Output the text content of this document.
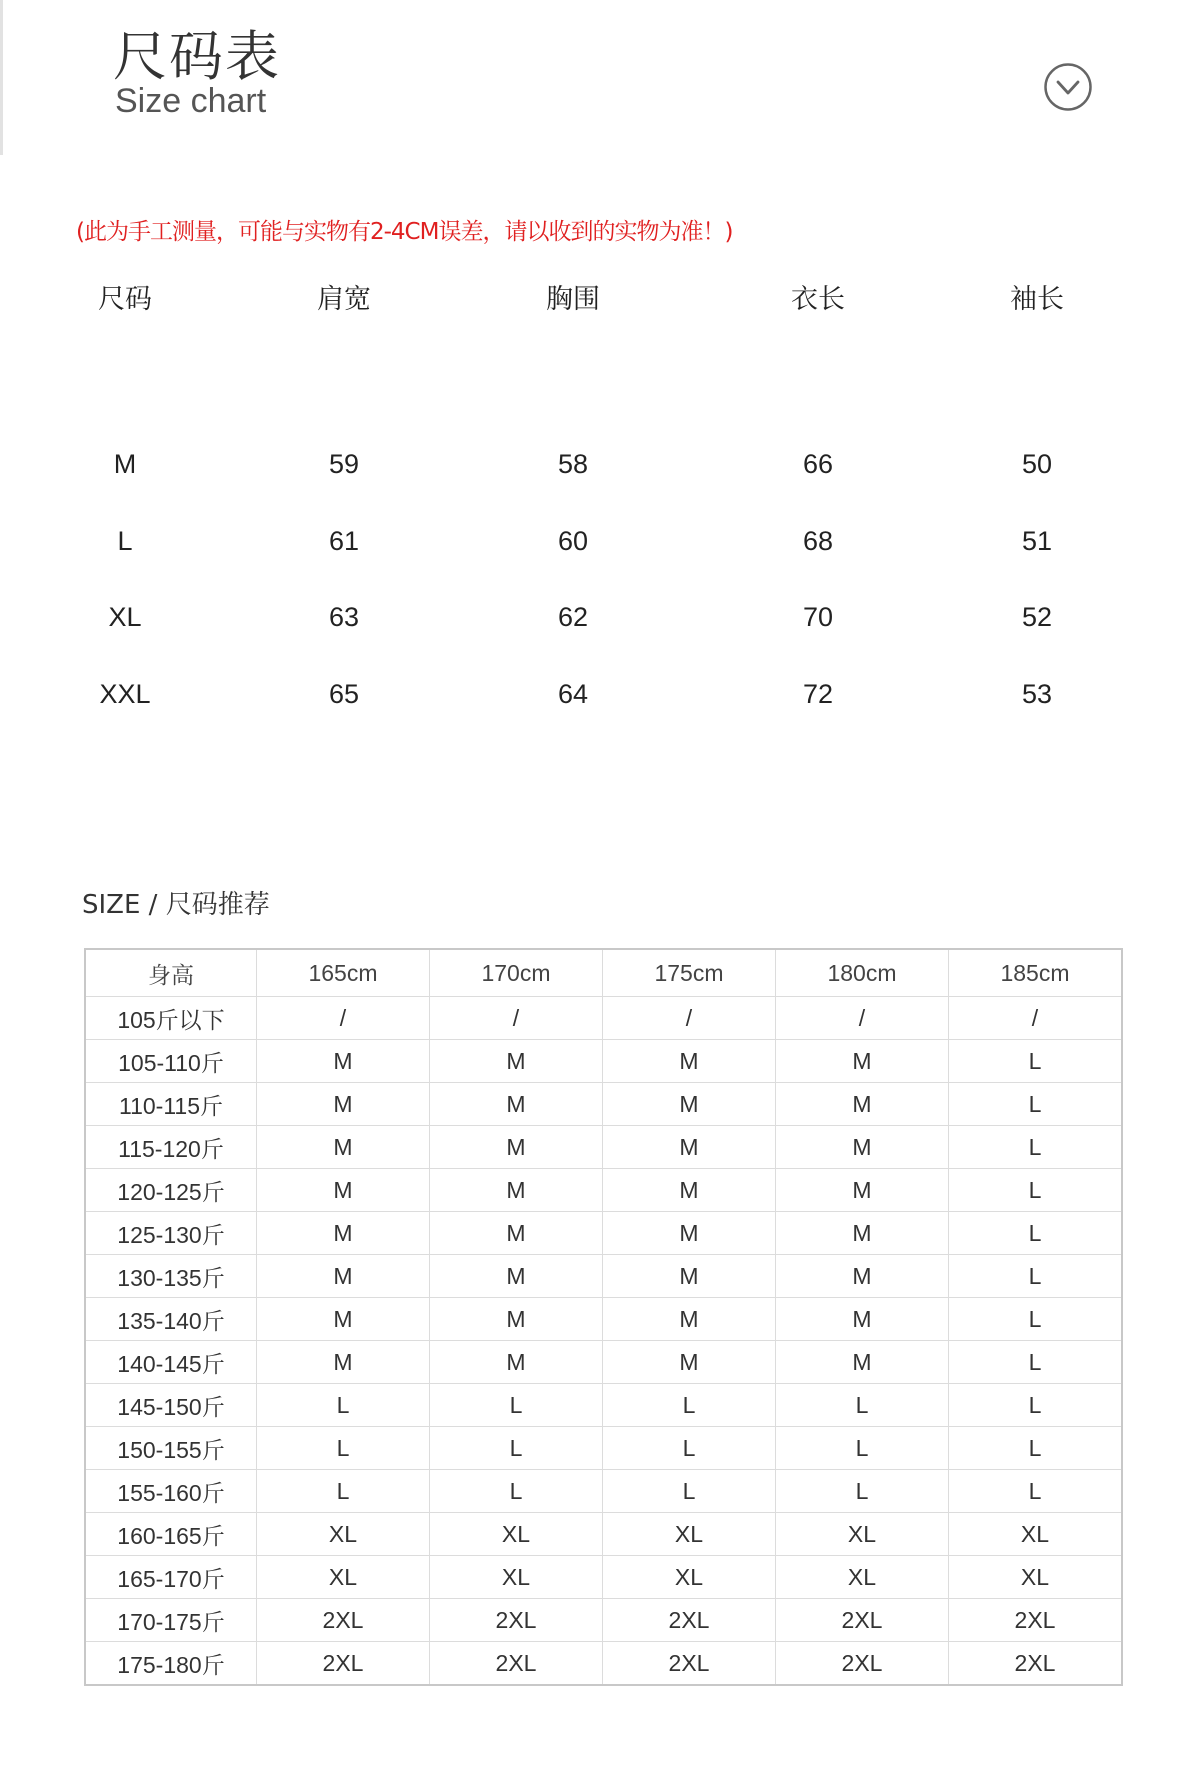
尺码表
Size chart
(此为手工测量，可能与实物有2-4CM误差，请以收到的实物为准！)
尺码	肩宽	胸围	衣长	袖长
M	59	58	66	50
L	61	60	68	51
XL	63	62	70	52
XXL	65	64	72	53
SIZE / 尺码推荐
身高	165cm	170cm	175cm	180cm	185cm
105斤以下	/	/	/	/	/
105-110斤	M	M	M	M	L
110-115斤	M	M	M	M	L
115-120斤	M	M	M	M	L
120-125斤	M	M	M	M	L
125-130斤	M	M	M	M	L
130-135斤	M	M	M	M	L
135-140斤	M	M	M	M	L
140-145斤	M	M	M	M	L
145-150斤	L	L	L	L	L
150-155斤	L	L	L	L	L
155-160斤	L	L	L	L	L
160-165斤	XL	XL	XL	XL	XL
165-170斤	XL	XL	XL	XL	XL
170-175斤	2XL	2XL	2XL	2XL	2XL
175-180斤	2XL	2XL	2XL	2XL	2XL
